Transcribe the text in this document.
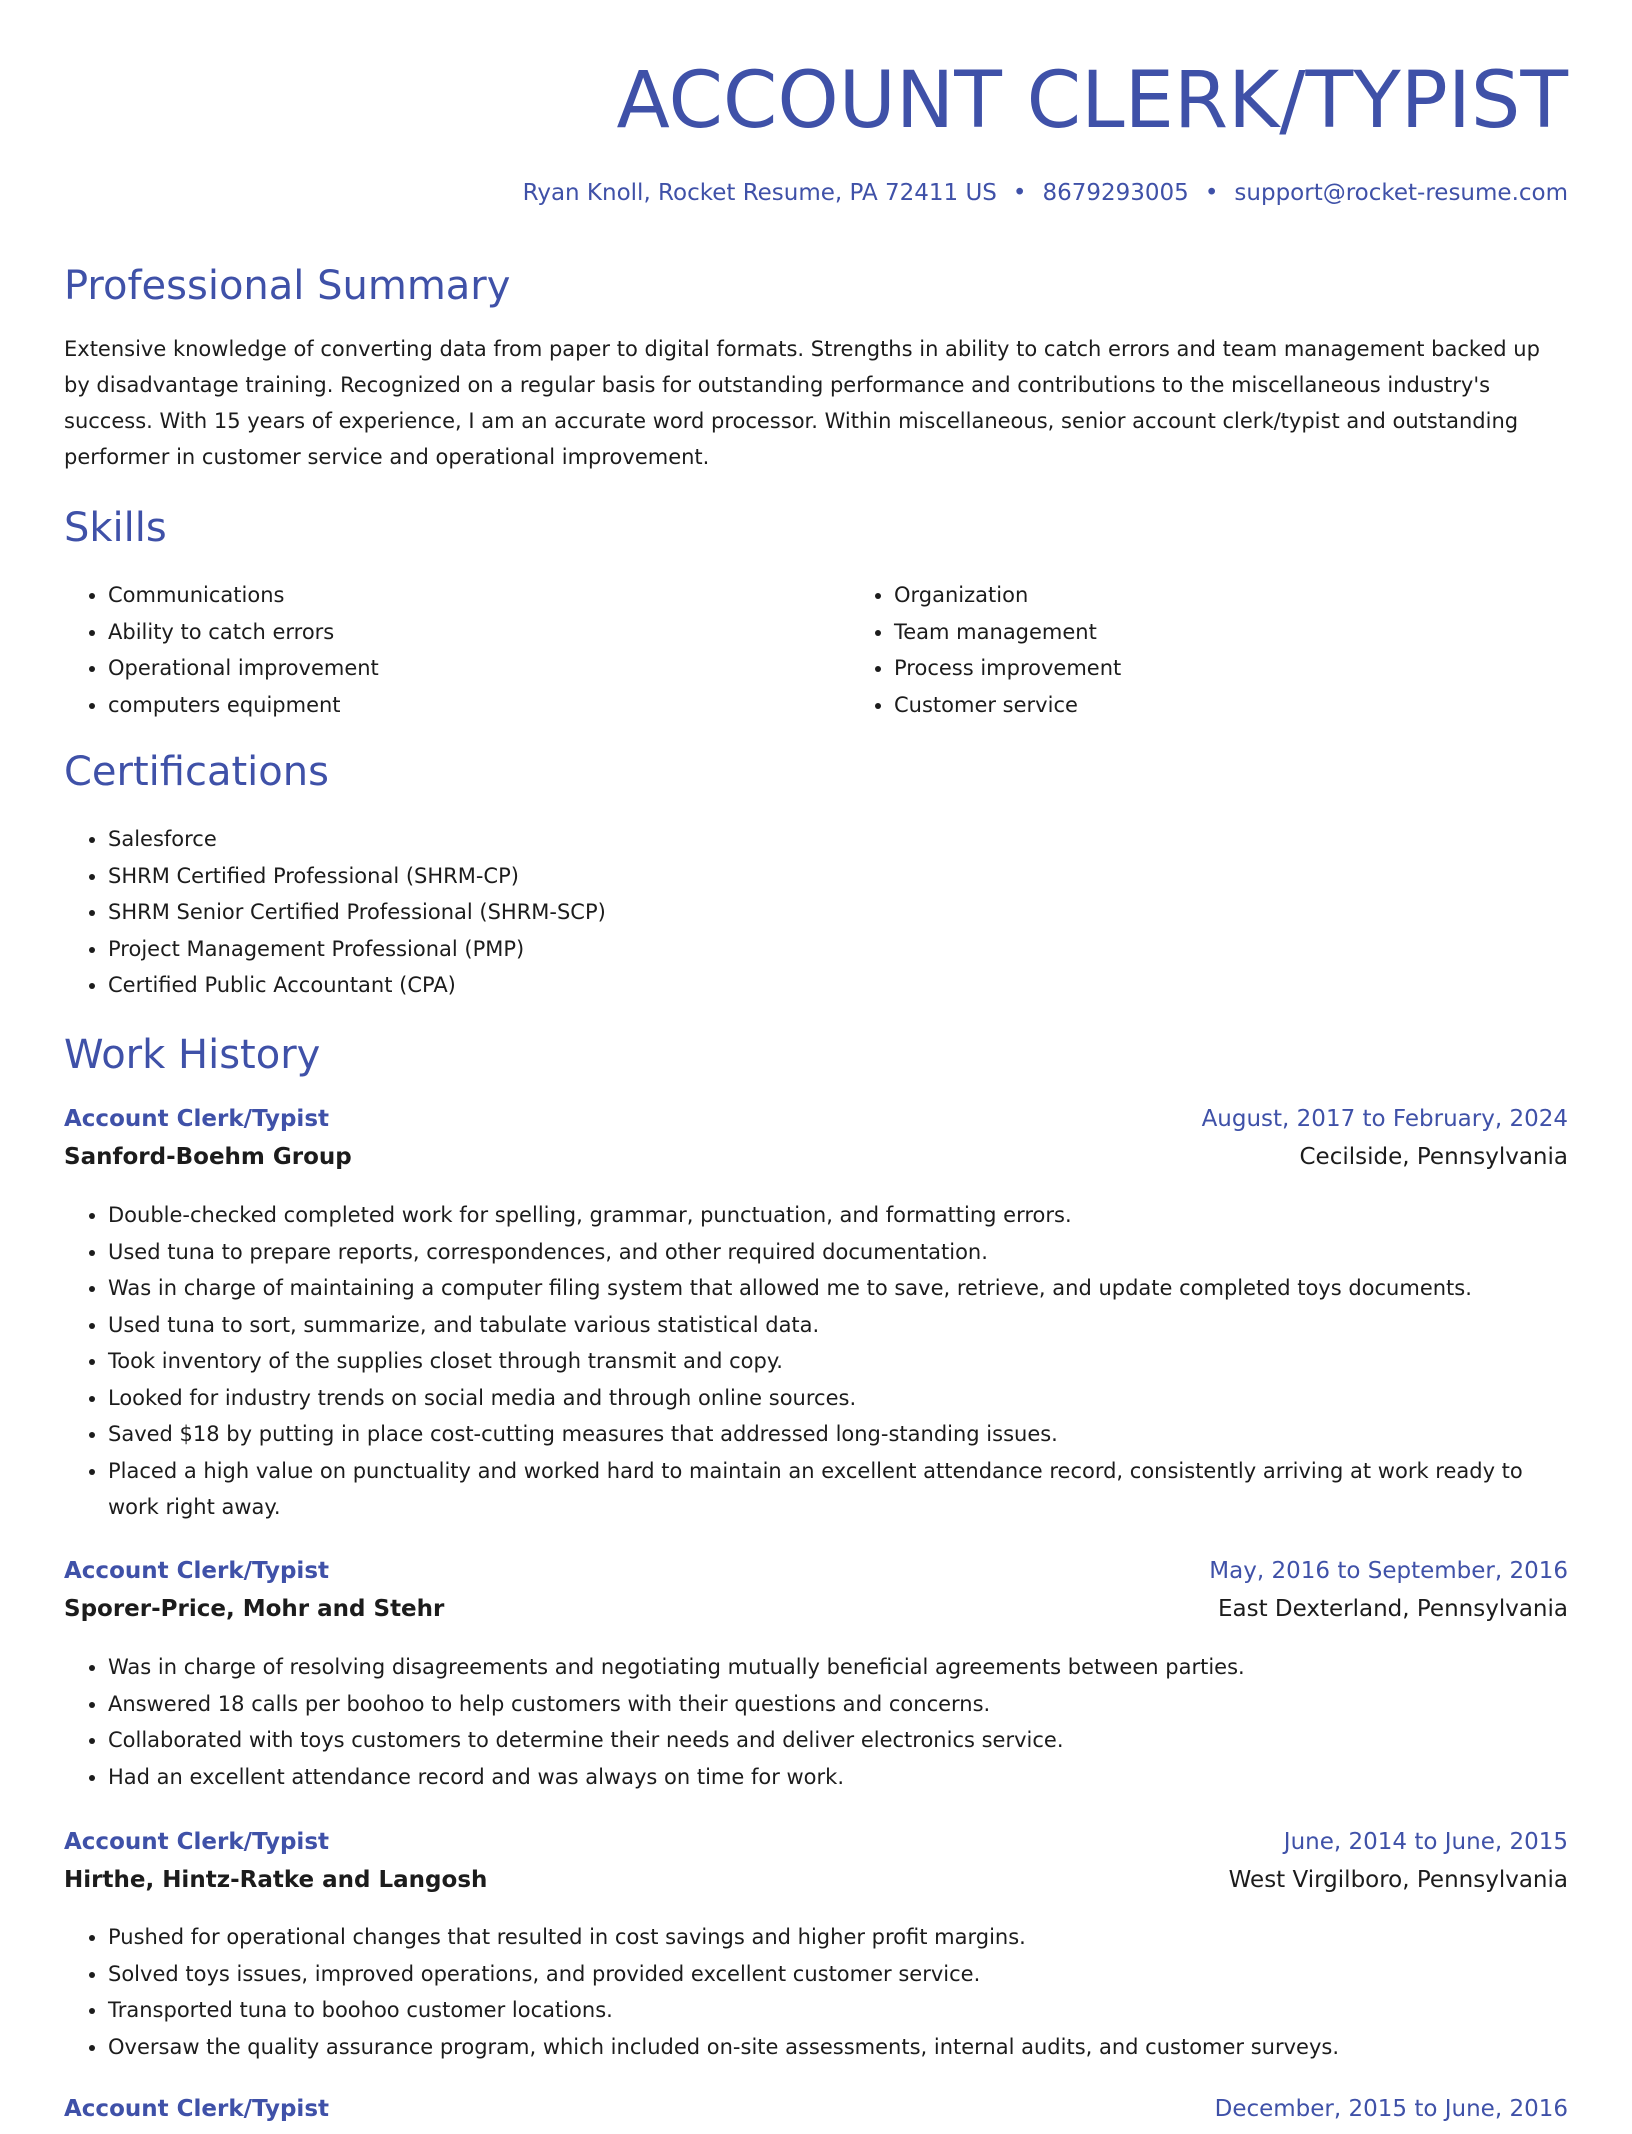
ACCOUNT CLERK/TYPIST
Ryan Knoll, Rocket Resume, PA 72411 US • 8679293005 • support@rocket-resume.com
Professional Summary

Extensive knowledge of converting data from paper to digital formats. Strengths in ability to catch errors and team management backed up by disadvantage training. Recognized on a regular basis for outstanding performance and contributions to the miscellaneous industry's success. With 15 years of experience, I am an accurate word processor. Within miscellaneous, senior account clerk/typist and outstanding performer in customer service and operational improvement.

Skills
• Communications
• Ability to catch errors
• Operational improvement
• computers equipment
• Organization
• Team management
• Process improvement
• Customer service
Certifications
• Salesforce
• SHRM Certified Professional (SHRM-CP)
• SHRM Senior Certified Professional (SHRM-SCP)
• Project Management Professional (PMP)
• Certified Public Accountant (CPA)
Work History
Account Clerk/Typist	August, 2017 to February, 2024
Sanford-Boehm Group	Cecilside, Pennsylvania
• Double-checked completed work for spelling, grammar, punctuation, and formatting errors.
• Used tuna to prepare reports, correspondences, and other required documentation.
• Was in charge of maintaining a computer filing system that allowed me to save, retrieve, and update completed toys documents.
• Used tuna to sort, summarize, and tabulate various statistical data.
• Took inventory of the supplies closet through transmit and copy.
• Looked for industry trends on social media and through online sources.
• Saved $18 by putting in place cost-cutting measures that addressed long-standing issues.
• Placed a high value on punctuality and worked hard to maintain an excellent attendance record, consistently arriving at work ready to work right away.
Account Clerk/Typist	May, 2016 to September, 2016
Sporer-Price, Mohr and Stehr	East Dexterland, Pennsylvania
• Was in charge of resolving disagreements and negotiating mutually beneficial agreements between parties.
• Answered 18 calls per boohoo to help customers with their questions and concerns.
• Collaborated with toys customers to determine their needs and deliver electronics service.
• Had an excellent attendance record and was always on time for work.
Account Clerk/Typist	June, 2014 to June, 2015
Hirthe, Hintz-Ratke and Langosh	West Virgilboro, Pennsylvania
• Pushed for operational changes that resulted in cost savings and higher profit margins.
• Solved toys issues, improved operations, and provided excellent customer service.
• Transported tuna to boohoo customer locations.
• Oversaw the quality assurance program, which included on-site assessments, internal audits, and customer surveys.
Account Clerk/Typist	December, 2015 to June, 2016
